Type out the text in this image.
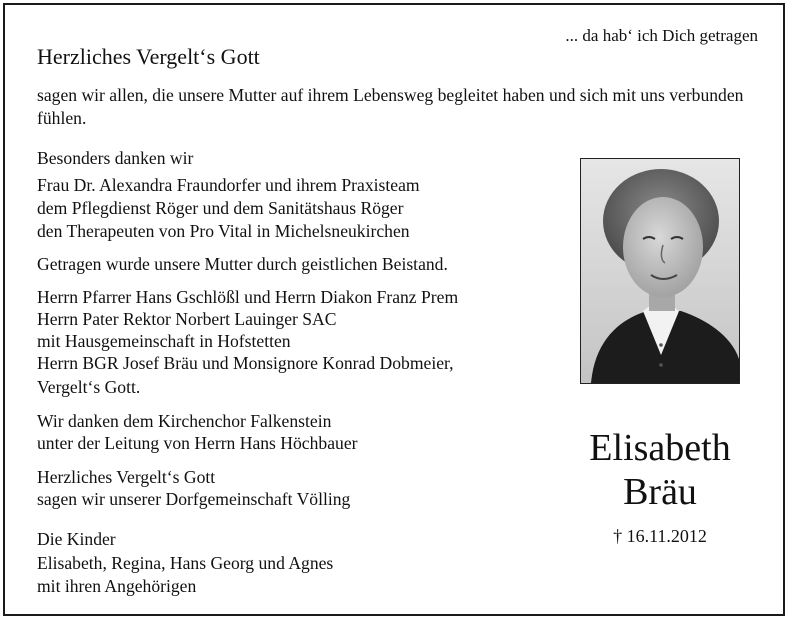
... da hab‘ ich Dich getragen
Herzliches Vergelt‘s Gott
sagen wir allen, die unsere Mutter auf ihrem Lebensweg begleitet haben und sich mit uns verbunden fühlen.
Besonders danken wir
Frau Dr. Alexandra Fraundorfer und ihrem Praxisteam
dem Pflegdienst Röger und dem Sanitätshaus Röger
den Therapeuten von Pro Vital in Michelsneukirchen
Getragen wurde unsere Mutter durch geistlichen Beistand.
Herrn Pfarrer Hans Gschlößl und Herrn Diakon Franz Prem
Herrn Pater Rektor Norbert Lauinger SAC
mit Hausgemeinschaft in Hofstetten
Herrn BGR Josef Bräu und Monsignore Konrad Dobmeier,
Vergelt‘s Gott.
Wir danken dem Kirchenchor Falkenstein
unter der Leitung von Herrn Hans Höchbauer
Herzliches Vergelt‘s Gott
sagen wir unserer Dorfgemeinschaft Völling
Die Kinder
Elisabeth, Regina, Hans Georg und Agnes
mit ihren Angehörigen
Elisabeth
Bräu
† 16.11.2012
